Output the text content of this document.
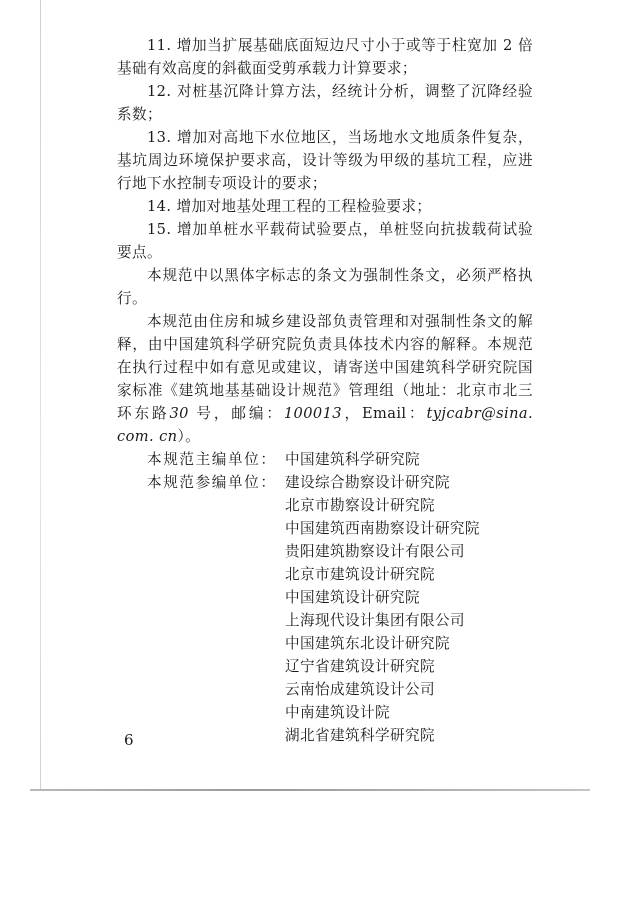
11. 增加当扩展基础底面短边尺寸小于或等于柱宽加 2 倍基础有效高度的斜截面受剪承载力计算要求；

12. 对桩基沉降计算方法，经统计分析，调整了沉降经验系数；

13. 增加对高地下水位地区，当场地水文地质条件复杂，基坑周边环境保护要求高，设计等级为甲级的基坑工程，应进行地下水控制专项设计的要求；

14. 增加对地基处理工程的工程检验要求；

15. 增加单桩水平载荷试验要点，单桩竖向抗拔载荷试验要点。

本规范中以黑体字标志的条文为强制性条文，必须严格执行。

本规范由住房和城乡建设部负责管理和对强制性条文的解释，由中国建筑科学研究院负责具体技术内容的解释。本规范在执行过程中如有意见或建议，请寄送中国建筑科学研究院国家标准《建筑地基基础设计规范》管理组（地址：北京市北三环东路30 号，邮编：100013，Email：tyjcabr@sina. com. cn）。

本规范主编单位： 中国建筑科学研究院
本规范参编单位： 建设综合勘察设计研究院
北京市勘察设计研究院
中国建筑西南勘察设计研究院
贵阳建筑勘察设计有限公司
北京市建筑设计研究院
中国建筑设计研究院
上海现代设计集团有限公司
中国建筑东北设计研究院
辽宁省建筑设计研究院
云南怡成建筑设计公司
中南建筑设计院
湖北省建筑科学研究院
6
